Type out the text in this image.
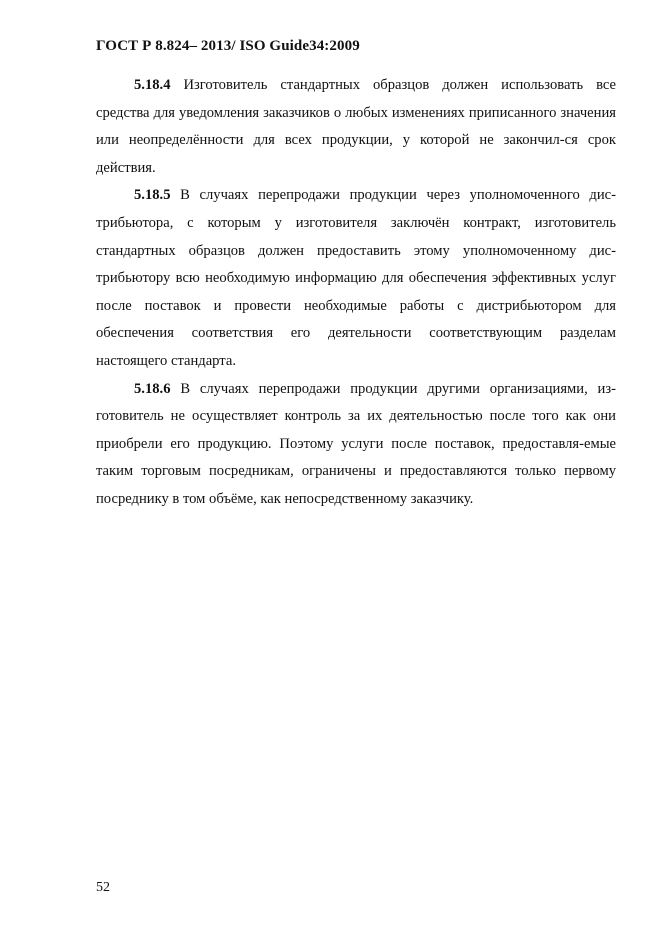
ГОСТ Р 8.824– 2013/ ISO Guide34:2009

5.18.4 Изготовитель стандартных образцов должен использовать все средства для уведомления заказчиков о любых изменениях приписанного значения или неопределённости для всех продукции, у которой не закончил-ся срок действия.

5.18.5 В случаях перепродажи продукции через уполномоченного дис-трибьютора, с которым у изготовителя заключён контракт, изготовитель стандартных образцов должен предоставить этому уполномоченному дис-трибьютору всю необходимую информацию для обеспечения эффективных услуг после поставок и провести необходимые работы с дистрибьютором для обеспечения соответствия его деятельности соответствующим разделам настоящего стандарта.

5.18.6 В случаях перепродажи продукции другими организациями, из-готовитель не осуществляет контроль за их деятельностью после того как они приобрели его продукцию. Поэтому услуги после поставок, предоставля-емые таким торговым посредникам, ограничены и предоставляются только первому посреднику в том объёме, как непосредственному заказчику.

52
